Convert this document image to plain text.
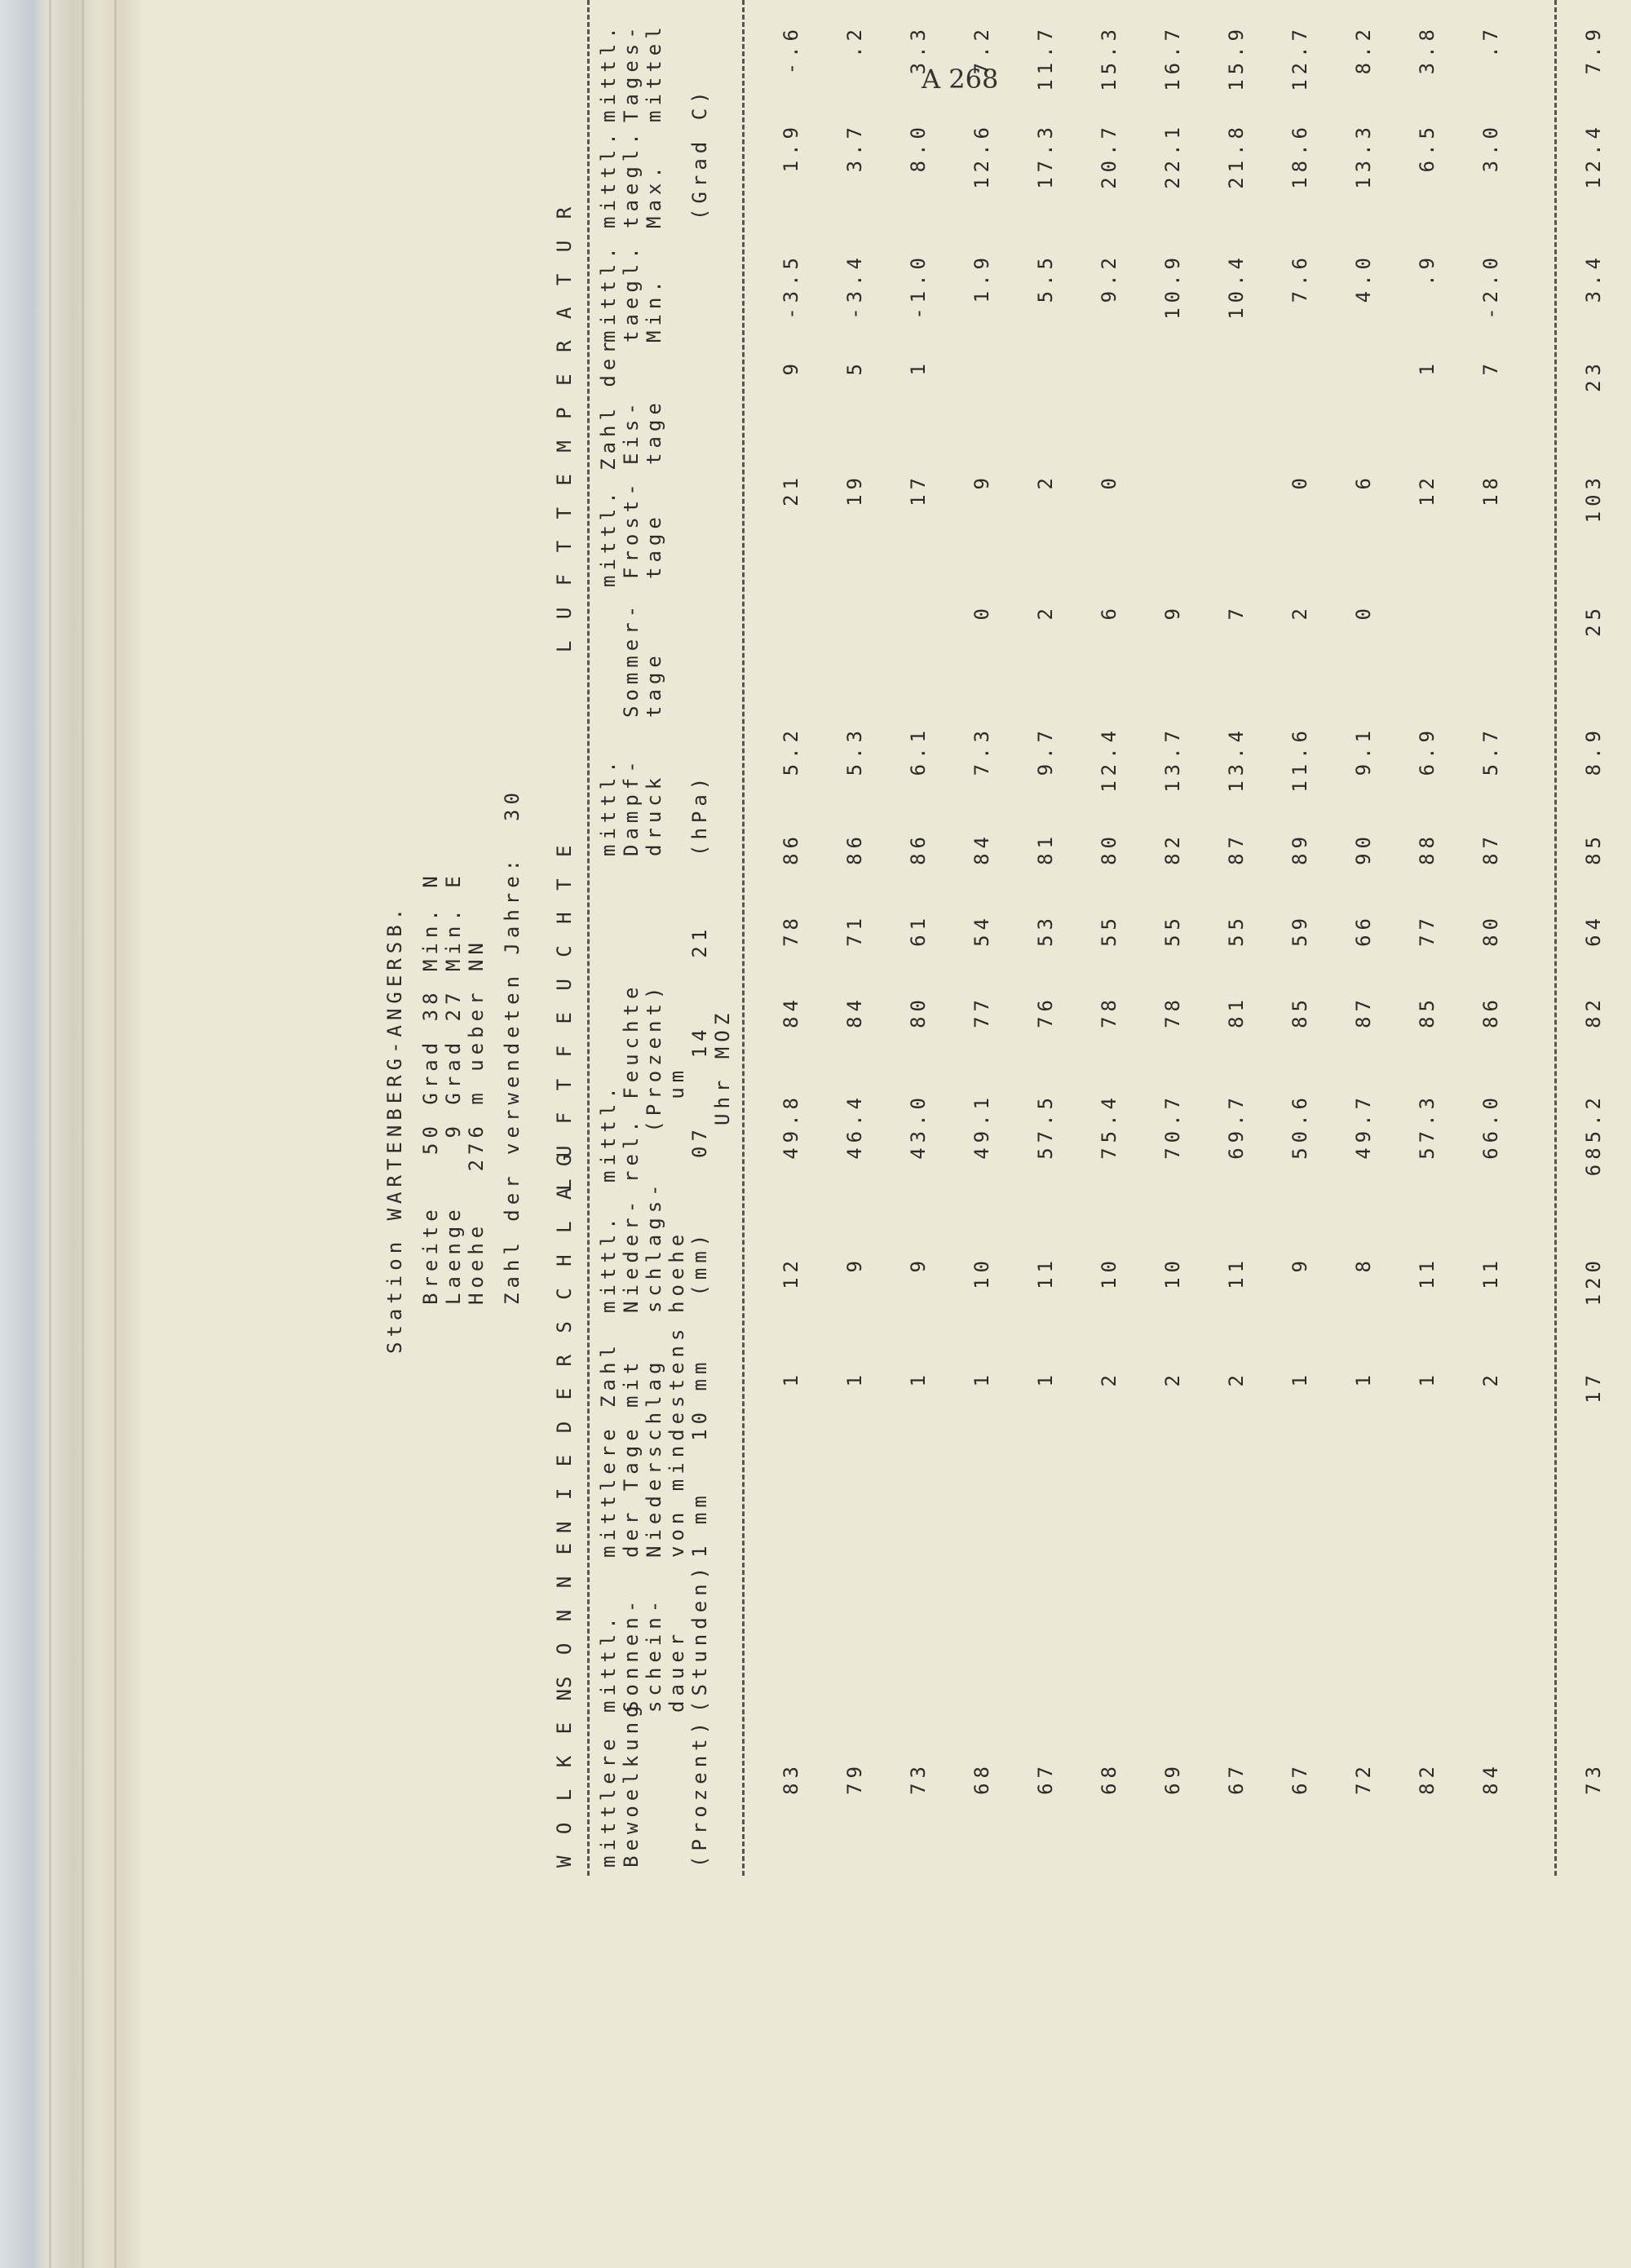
A 268
Station WARTENBERG-ANGERSB. Breite   50 Grad 38 Min. N Laenge    9 Grad 27 Min. E Hoehe   276 m ueber NN Zahl der verwendeten Jahre:  30
L U F T T E M P E R A T U R
L U F T F E U C H T E
N I E D E R S C H L A G
S O N N E
W O L K E N
mittl.
Tages-
mittel
mittl.
taegl.
Max.
mittl.
taegl.
Min.
(Grad C)
mittl. Zahl der Eis-
tage
Frost-
tage
Sommer-
tage
mittl.
Dampf-
druck

(hPa)
mittl.
rel. Feuchte
(Prozent)
um 07    14    21 Uhr MOZ
mittl.
Nieder-
schlags-
hoehe
(mm)
mittlere Zahl
der Tage mit
Niederschlag
von mindestens
1 mm   10 mm
mittl.
Sonnen-
schein-
dauer
(Stunden)
mittlere
Bewoelkung

(Prozent)
-.6
1.9
-3.5
9
21
5.2
86
78
84
49.8
12
1
83
.2
3.7
-3.4
5
19
5.3
86
71
84
46.4
9
1
79
3.3
8.0
-1.0
1
17
6.1
86
61
80
43.0
9
1
73
7.2
12.6
1.9
9
0
7.3
84
54
77
49.1
10
1
68
11.7
17.3
5.5
2
2
9.7
81
53
76
57.5
11
1
67
15.3
20.7
9.2
0
6
12.4
80
55
78
75.4
10
2
68
16.7
22.1
10.9
9
13.7
82
55
78
70.7
10
2
69
15.9
21.8
10.4
7
13.4
87
55
81
69.7
11
2
67
12.7
18.6
7.6
0
2
11.6
89
59
85
50.6
9
1
67
8.2
13.3
4.0
6
0
9.1
90
66
87
49.7
8
1
72
3.8
6.5
.9
1
12
6.9
88
77
85
57.3
11
1
82
.7
3.0
-2.0
7
18
5.7
87
80
86
66.0
11
2
84
7.9
12.4
3.4
23
103
25
8.9
85
64
82
685.2
120
17
73
